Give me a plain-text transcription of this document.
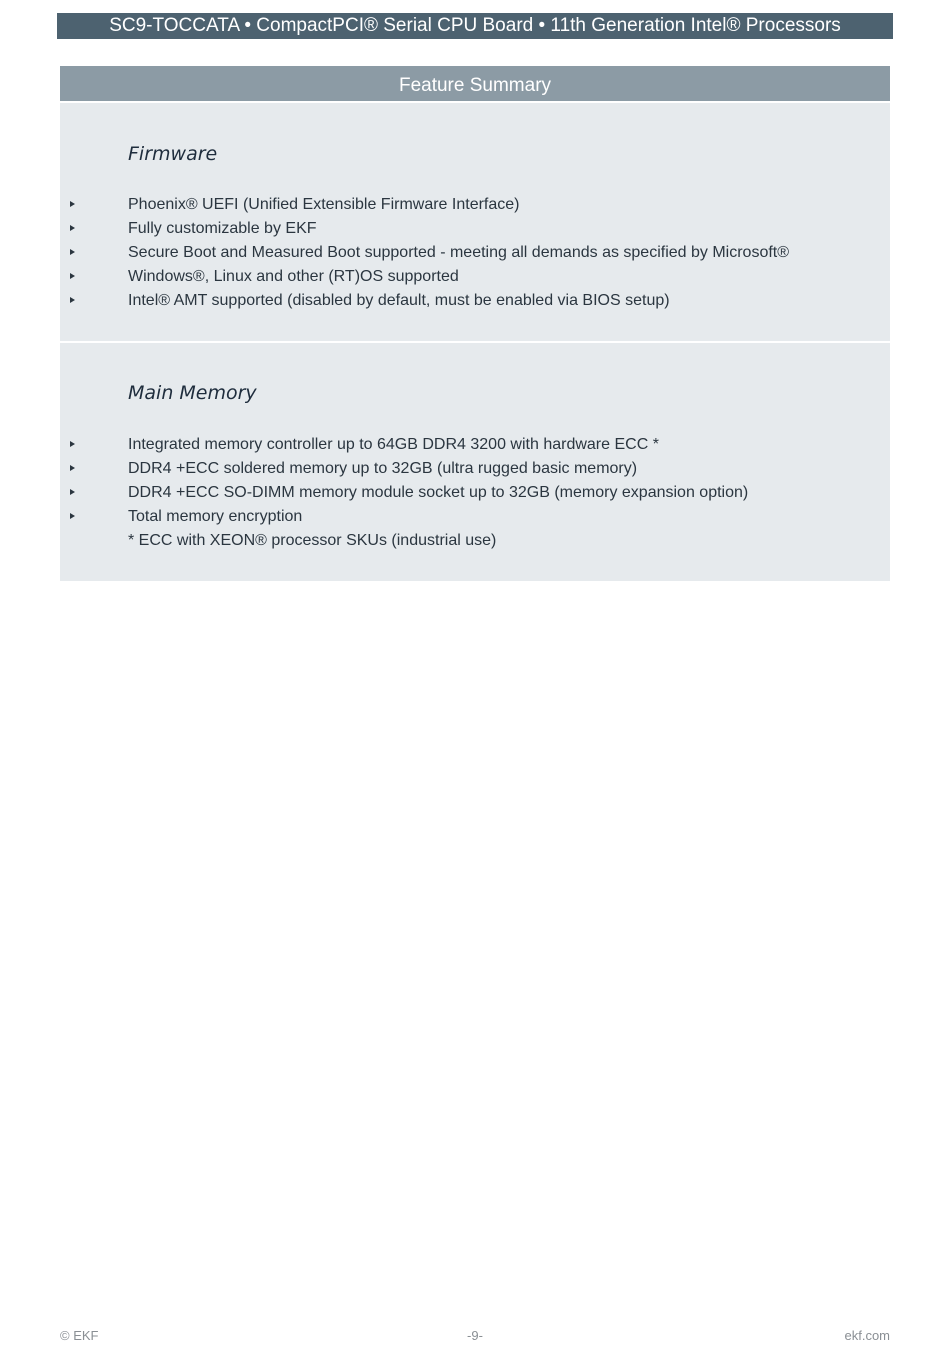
SC9-TOCCATA • CompactPCI® Serial CPU Board • 11th Generation Intel® Processors
Feature Summary
Firmware
Phoenix® UEFI (Unified Extensible Firmware Interface)
Fully customizable by EKF
Secure Boot and Measured Boot supported - meeting all demands as specified by Microsoft®
Windows®, Linux and other (RT)OS supported
Intel® AMT supported (disabled by default, must be enabled via BIOS setup)
Main Memory
Integrated memory controller up to 64GB DDR4 3200 with hardware ECC *
DDR4 +ECC soldered memory up to 32GB (ultra rugged basic memory)
DDR4 +ECC SO-DIMM memory module socket up to 32GB (memory expansion option)
Total memory encryption
* ECC with XEON® processor SKUs (industrial use)
© EKF	-9-	ekf.com
